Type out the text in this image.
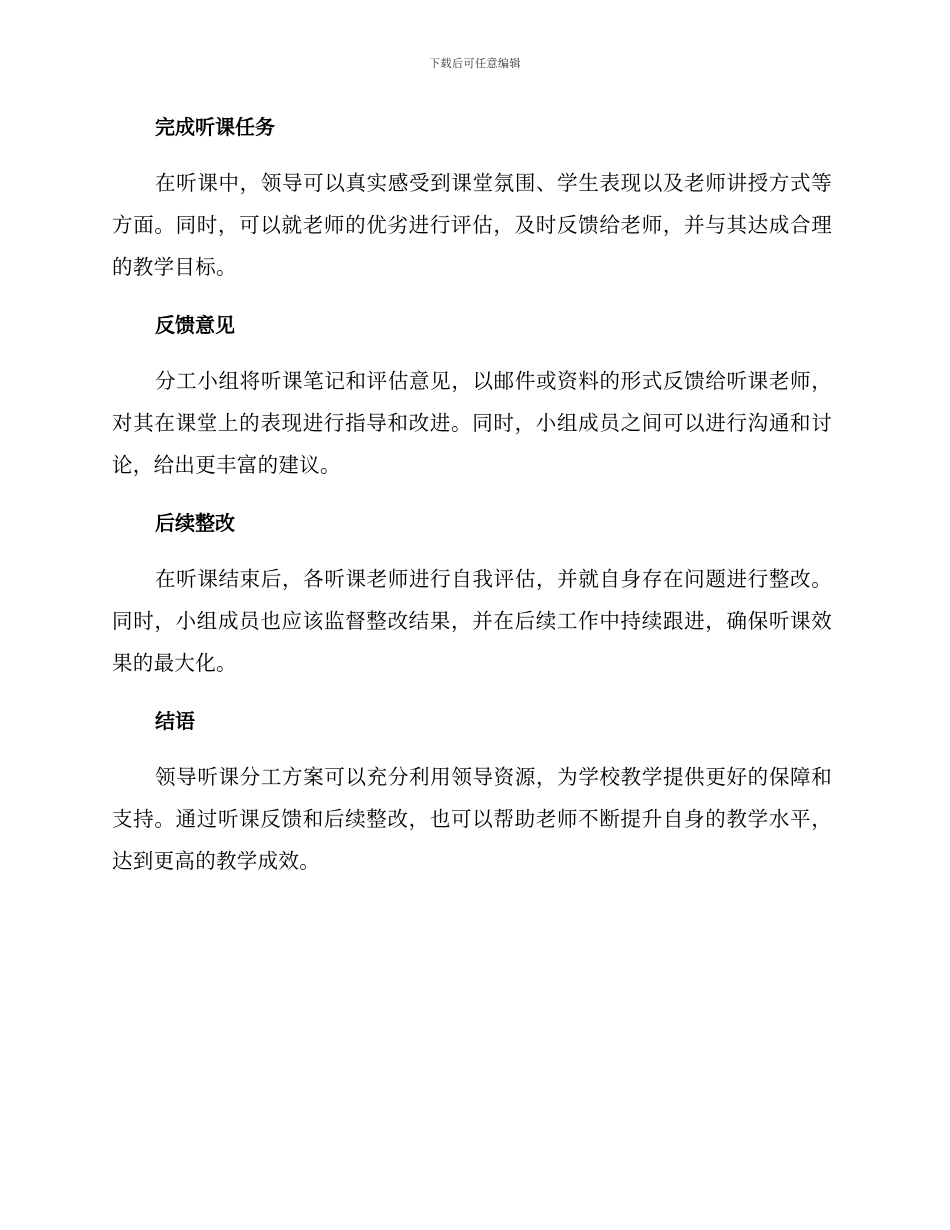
下载后可任意编辑
完成听课任务

在听课中，领导可以真实感受到课堂氛围、学生表现以及老师讲授方式等方面。同时，可以就老师的优劣进行评估，及时反馈给老师，并与其达成合理的教学目标。

反馈意见

分工小组将听课笔记和评估意见，以邮件或资料的形式反馈给听课老师，对其在课堂上的表现进行指导和改进。同时，小组成员之间可以进行沟通和讨论，给出更丰富的建议。

后续整改

在听课结束后，各听课老师进行自我评估，并就自身存在问题进行整改。同时，小组成员也应该监督整改结果，并在后续工作中持续跟进，确保听课效果的最大化。

结语

领导听课分工方案可以充分利用领导资源，为学校教学提供更好的保障和支持。通过听课反馈和后续整改，也可以帮助老师不断提升自身的教学水平，达到更高的教学成效。
